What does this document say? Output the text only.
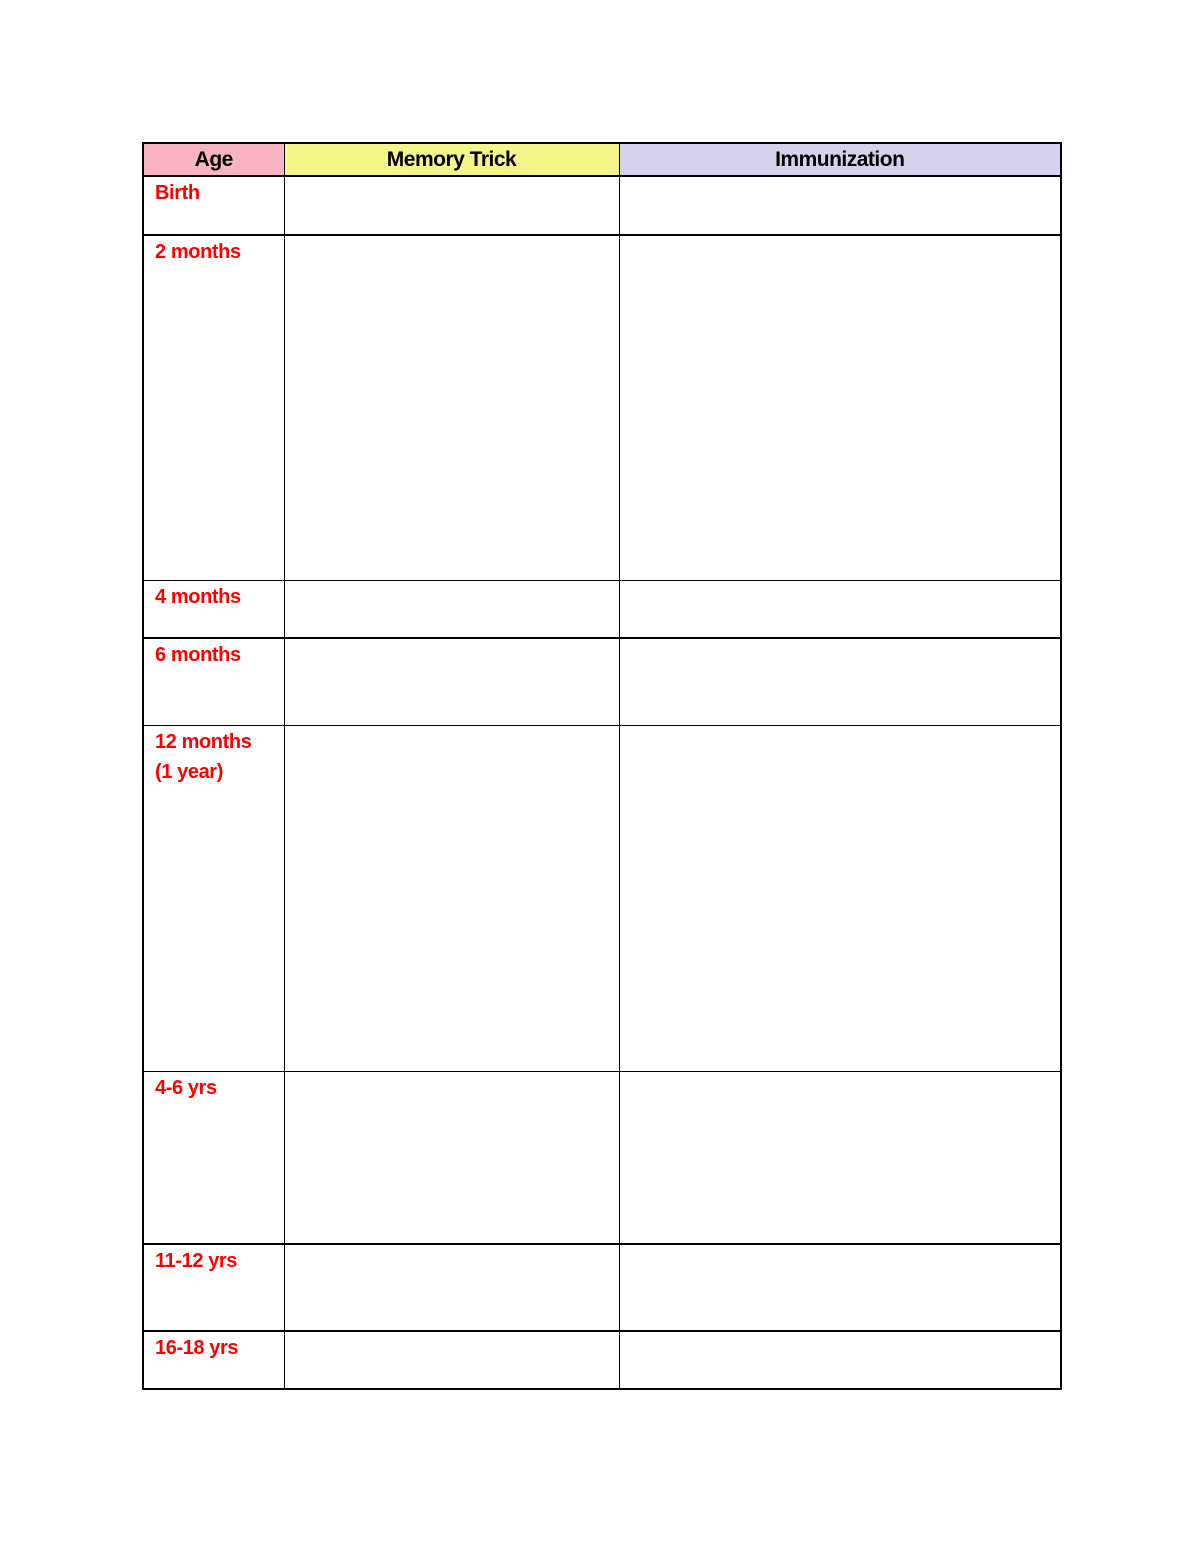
Age	Memory Trick	Immunization

Birth		

2 months		

4 months		

6 months		

12 months
(1 year)		

4-6 yrs		

11-12 yrs		

16-18 yrs		
